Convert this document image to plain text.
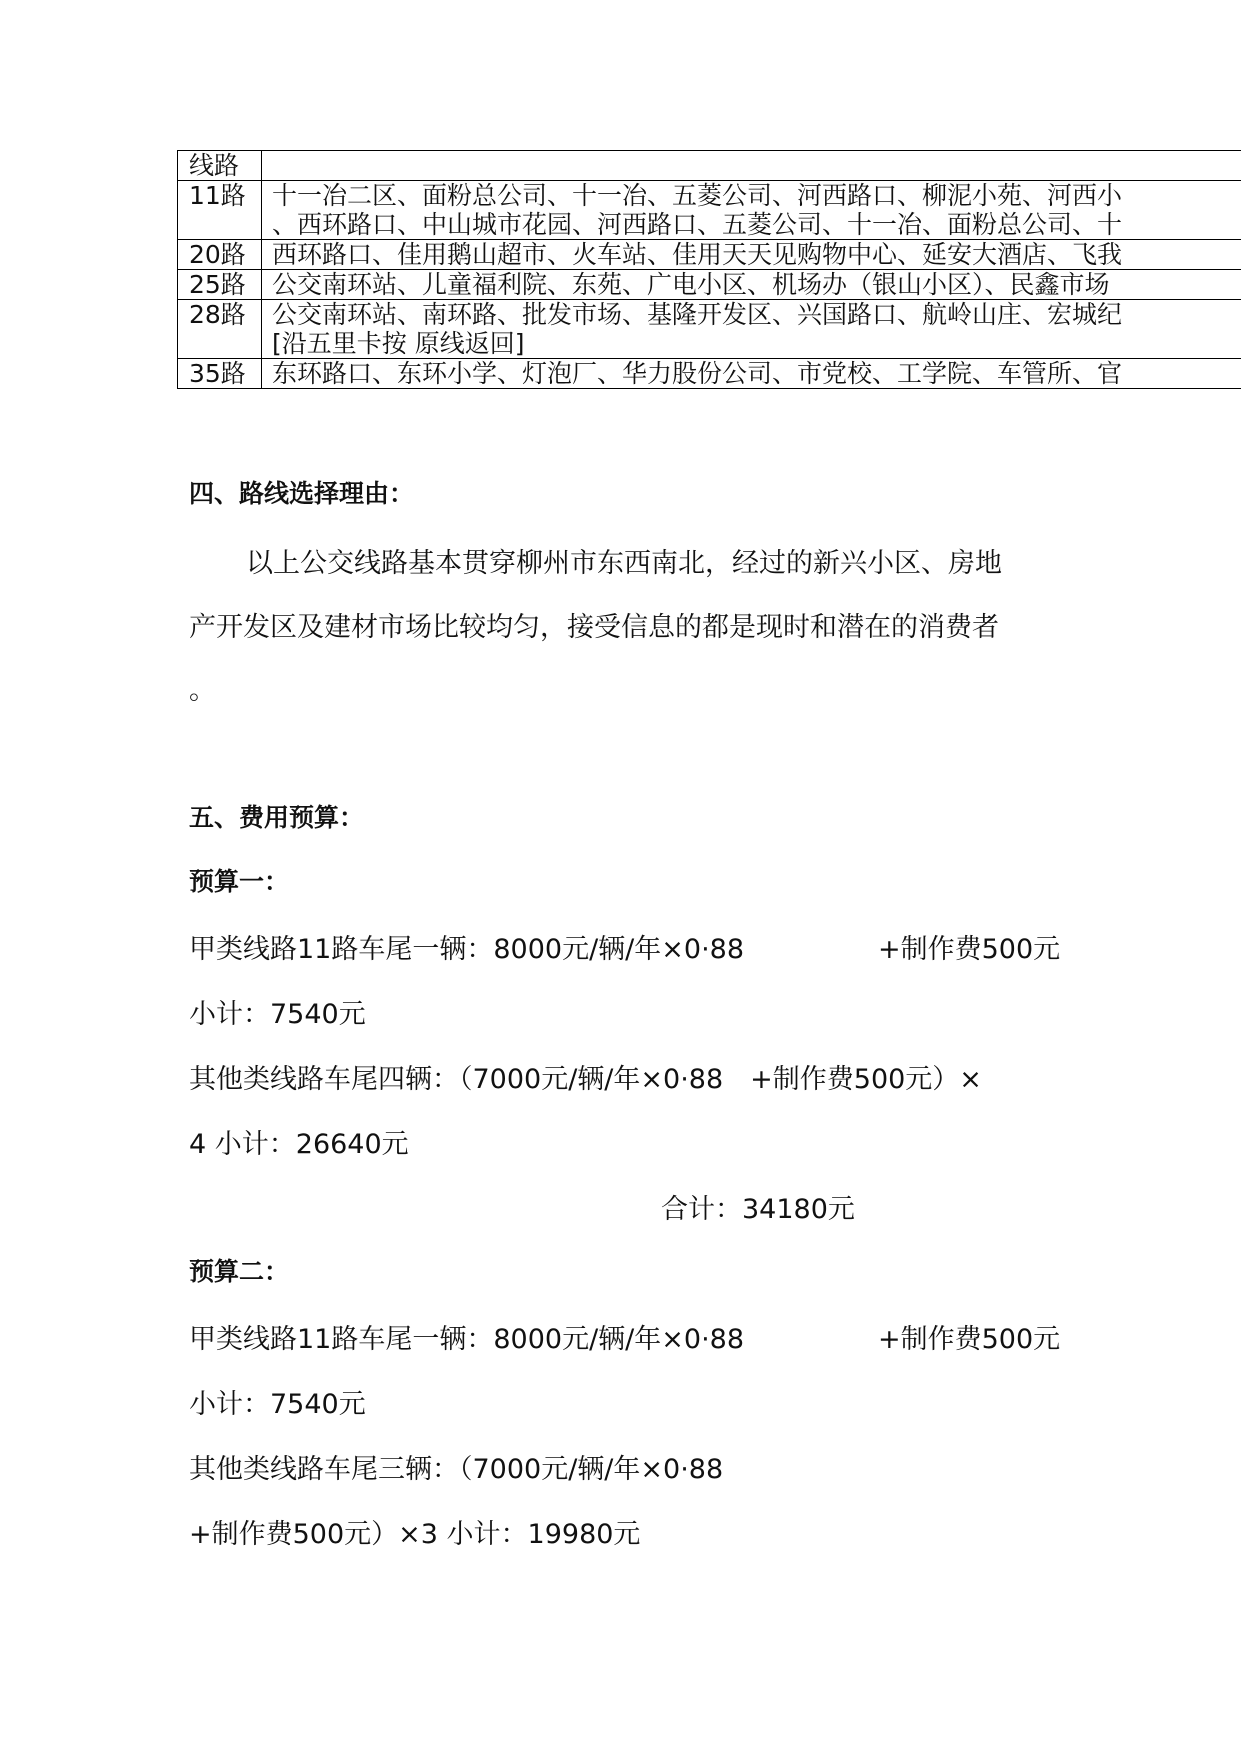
线路	
11路	十一冶二区、面粉总公司、十一冶、五菱公司、河西路口、柳泥小苑、河西小
、西环路口、中山城市花园、河西路口、五菱公司、十一冶、面粉总公司、十

20路	西环路口、佳用鹅山超市、火车站、佳用天天见购物中心、延安大酒店、飞我

25路	公交南环站、儿童福利院、东苑、广电小区、机场办（银山小区）、民鑫市场

28路	公交南环站、南环路、批发市场、基隆开发区、兴国路口、航岭山庄、宏城纪
[沿五里卡按 原线返回]

35路	东环路口、东环小学、灯泡厂、华力股份公司、市党校、工学院、车管所、官
四、路线选择理由：
以上公交线路基本贯穿柳州市东西南北，经过的新兴小区、房地
产开发区及建材市场比较均匀，接受信息的都是现时和潜在的消费者
。
五、费用预算：
预算一：
甲类线路11路车尾一辆：8000元/辆/年×0·88	+制作费500元
小计：7540元
其他类线路车尾四辆：（7000元/辆/年×0·88　+制作费500元）×
4 小计：26640元
合计：34180元
预算二：
甲类线路11路车尾一辆：8000元/辆/年×0·88	+制作费500元
小计：7540元
其他类线路车尾三辆：（7000元/辆/年×0·88
+制作费500元）×3 小计：19980元
